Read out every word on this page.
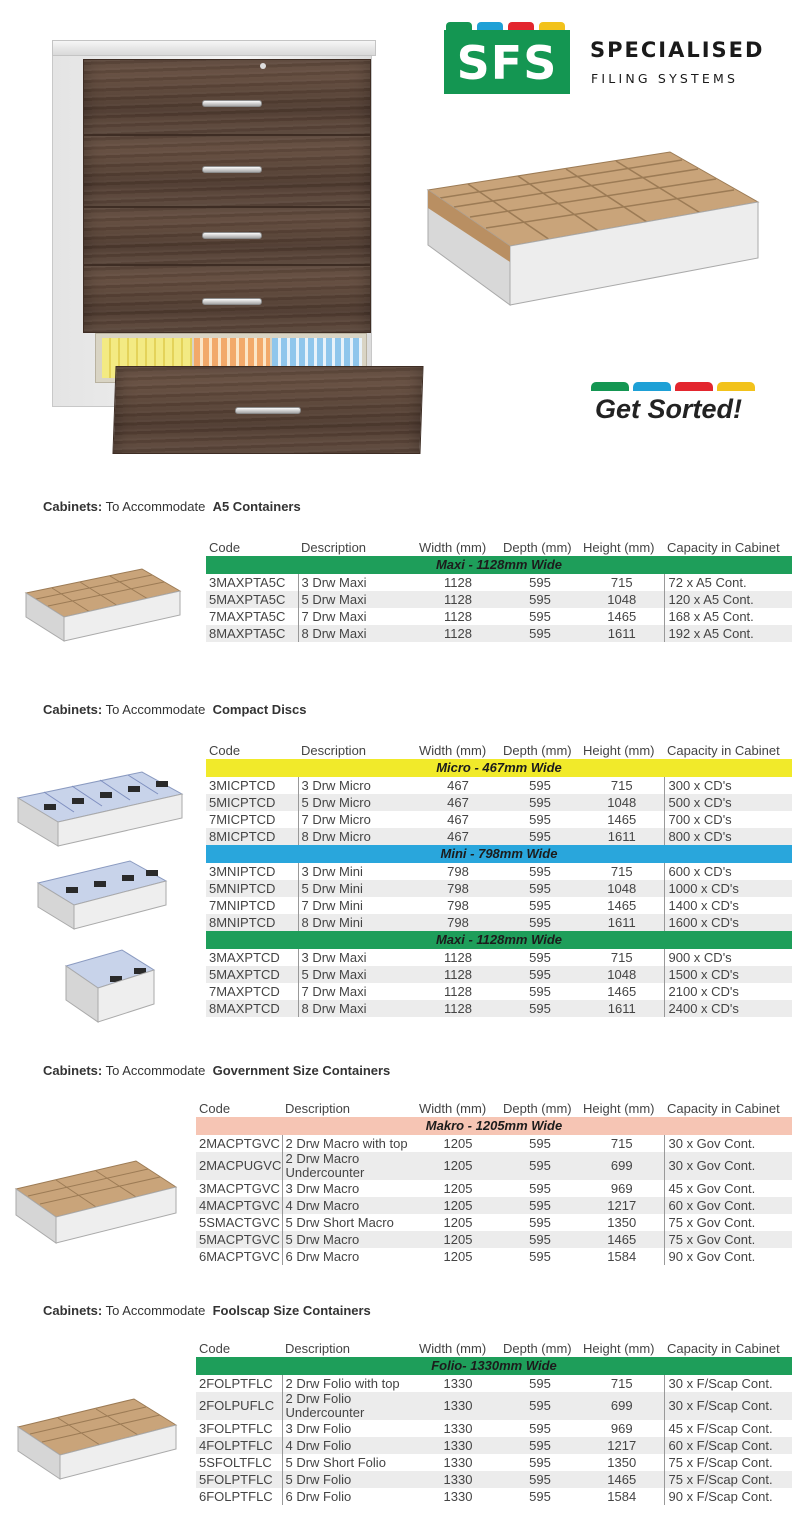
SFS	SPECIALISED
FILING SYSTEMS
Get Sorted!
Cabinets: To Accommodate A5 Containers
Cabinets: To Accommodate Compact Discs
Cabinets: To Accommodate Government Size Containers
Cabinets: To Accommodate Foolscap Size Containers
Code	Description	Width (mm)	Depth (mm)	Height (mm)	Capacity in Cabinet
Maxi - 1128mm Wide					
3MAXPTA5C	3 Drw Maxi	1128	595	715	72 x A5 Cont.
5MAXPTA5C	5 Drw Maxi	1128	595	1048	120 x A5 Cont.
7MAXPTA5C	7 Drw Maxi	1128	595	1465	168 x A5 Cont.
8MAXPTA5C	8 Drw Maxi	1128	595	1611	192 x A5 Cont.
Code	Description	Width (mm)	Depth (mm)	Height (mm)	Capacity in Cabinet
Micro - 467mm Wide					
3MICPTCD	3 Drw Micro	467	595	715	300 x CD's
5MICPTCD	5 Drw Micro	467	595	1048	500 x CD's
7MICPTCD	7 Drw Micro	467	595	1465	700 x CD's
8MICPTCD	8 Drw Micro	467	595	1611	800 x CD's
Mini - 798mm Wide					
3MNIPTCD	3 Drw Mini	798	595	715	600 x CD's
5MNIPTCD	5 Drw Mini	798	595	1048	1000 x CD's
7MNIPTCD	7 Drw Mini	798	595	1465	1400 x CD's
8MNIPTCD	8 Drw Mini	798	595	1611	1600 x CD's
Maxi - 1128mm Wide					
3MAXPTCD	3 Drw Maxi	1128	595	715	900 x CD's
5MAXPTCD	5 Drw Maxi	1128	595	1048	1500 x CD's
7MAXPTCD	7 Drw Maxi	1128	595	1465	2100 x CD's
8MAXPTCD	8 Drw Maxi	1128	595	1611	2400 x CD's
Code	Description	Width (mm)	Depth (mm)	Height (mm)	Capacity in Cabinet
Makro - 1205mm Wide					
2MACPTGVC	2 Drw Macro with top	1205	595	715	30 x Gov Cont.
2MACPUGVC	2 Drw Macro Undercounter	1205	595	699	30 x Gov Cont.
3MACPTGVC	3 Drw Macro	1205	595	969	45 x Gov Cont.
4MACPTGVC	4 Drw Macro	1205	595	1217	60 x Gov Cont.
5SMACTGVC	5 Drw Short Macro	1205	595	1350	75 x Gov Cont.
5MACPTGVC	5 Drw Macro	1205	595	1465	75 x Gov Cont.
6MACPTGVC	6 Drw Macro	1205	595	1584	90 x Gov Cont.
Code	Description	Width (mm)	Depth (mm)	Height (mm)	Capacity in Cabinet
Folio- 1330mm Wide					
2FOLPTFLC	2 Drw Folio with top	1330	595	715	30 x F/Scap Cont.
2FOLPUFLC	2 Drw Folio Undercounter	1330	595	699	30 x F/Scap Cont.
3FOLPTFLC	3 Drw Folio	1330	595	969	45 x F/Scap Cont.
4FOLPTFLC	4 Drw Folio	1330	595	1217	60 x F/Scap Cont.
5SFOLTFLC	5 Drw Short Folio	1330	595	1350	75 x F/Scap Cont.
5FOLPTFLC	5 Drw Folio	1330	595	1465	75 x F/Scap Cont.
6FOLPTFLC	6 Drw Folio	1330	595	1584	90 x F/Scap Cont.
